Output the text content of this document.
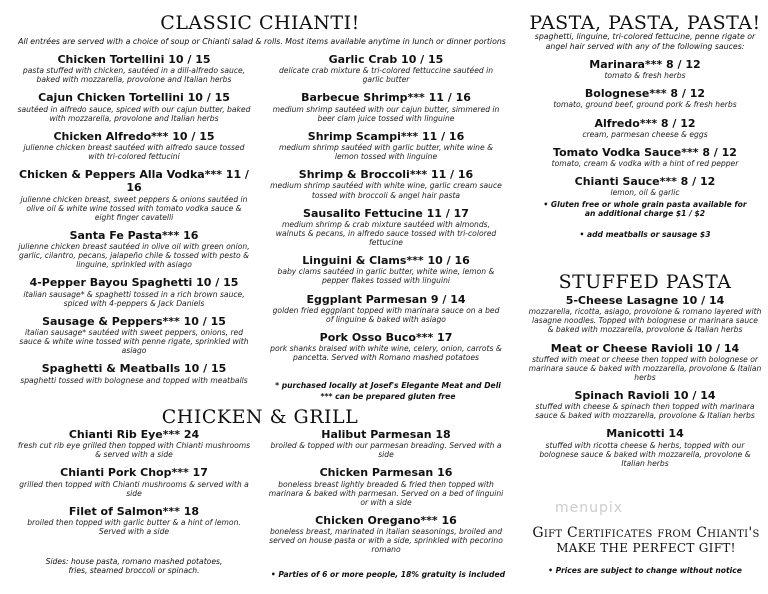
CLASSIC CHIANTI!
All entrées are served with a choice of soup or Chianti salad & rolls. Most items available anytime in lunch or dinner portions
Chicken Tortellini 10 / 15
pasta stuffed with chicken, sautéed in a dill-alfredo sauce, baked with mozzarella, provolone and Italian herbs
Cajun Chicken Tortellini 10 / 15
sautéed in alfredo sauce, spiced with our cajun butter, baked with mozzarella, provolone and Italian herbs
Chicken Alfredo*** 10 / 15
julienne chicken breast sautéed with alfredo sauce tossed with tri-colored fettucini
Chicken & Peppers Alla Vodka*** 11 / 16
julienne chicken breast, sweet peppers & onions sautéed in olive oil & white wine tossed with tomato vodka sauce & eight finger cavatelli
Santa Fe Pasta*** 16
julienne chicken breast sautéed in olive oil with green onion, garlic, cilantro, pecans, jalapeño chile & tossed with pesto & linguine, sprinkled with asiago
4-Pepper Bayou Spaghetti 10 / 15
italian sausage* & spaghetti tossed in a rich brown sauce, spiced with 4-peppers & Jack Daniels
Sausage & Peppers*** 10 / 15
italian sausage* sautéed with sweet peppers, onions, red sauce & white wine tossed with penne rigate, sprinkled with asiago
Spaghetti & Meatballs 10 / 15
spaghetti tossed with bolognese and topped with meatballs
Garlic Crab 10 / 15
delicate crab mixture & tri-colored fettuccine sautéed in garlic butter
Barbecue Shrimp*** 11 / 16
medium shrimp sautéed with our cajun butter, simmered in beer clam juice tossed with linguine
Shrimp Scampi*** 11 / 16
medium shrimp sautéed with garlic butter, white wine & lemon tossed with linguine
Shrimp & Broccoli*** 11 / 16
medium shrimp sautéed with white wine, garlic cream sauce tossed with broccoli & angel hair pasta
Sausalito Fettucine 11 / 17
medium shrimp & crab mixture sautéed with almonds, walnuts & pecans, in alfredo sauce tossed with tri-colored fettucine
Linguini & Clams*** 10 / 16
baby clams sautéed in garlic butter, white wine, lemon & pepper flakes tossed with linguini
Eggplant Parmesan 9 / 14
golden fried eggplant topped with marinara sauce on a bed of linguine & baked with asiago
Pork Osso Buco*** 17
pork shanks braised with white wine, celery, onion, carrots & pancetta. Served with Romano mashed potatoes
* purchased locally at Josef's Elegante Meat and Deli
*** can be prepared gluten free
CHICKEN & GRILL
Chianti Rib Eye*** 24
fresh cut rib eye grilled then topped with Chianti mushrooms & served with a side
Chianti Pork Chop*** 17
grilled then topped with Chianti mushrooms & served with a side
Filet of Salmon*** 18
broiled then topped with garlic butter & a hint of lemon. Served with a side
Sides: house pasta, romano mashed potatoes, fries, steamed broccoli or spinach.
Halibut Parmesan 18
broiled & topped with our parmesan breading. Served with a side
Chicken Parmesan 16
boneless breast lightly breaded & fried then topped with marinara & baked with parmesan. Served on a bed of linguini or with a side
Chicken Oregano*** 16
boneless breast, marinated in italian seasonings, broiled and served on house pasta or with a side, sprinkled with pecorino romano
• Parties of 6 or more people, 18% gratuity is included
PASTA, PASTA, PASTA!
spaghetti, linguine, tri-colored fettucine, penne rigate or angel hair served with any of the following sauces:
Marinara*** 8 / 12
tomato & fresh herbs
Bolognese*** 8 / 12
tomato, ground beef, ground pork & fresh herbs
Alfredo*** 8 / 12
cream, parmesan cheese & eggs
Tomato Vodka Sauce*** 8 / 12
tomato, cream & vodka with a hint of red pepper
Chianti Sauce*** 8 / 12
lemon, oil & garlic
• Gluten free or whole grain pasta available for an additional charge $1 / $2
• add meatballs or sausage $3
STUFFED PASTA
5-Cheese Lasagne 10 / 14
mozzarella, ricotta, asiago, provolone & romano layered with lasagne noodles. Topped with bolognese or marinara sauce & baked with mozzarella, provolone & Italian herbs
Meat or Cheese Ravioli 10 / 14
stuffed with meat or cheese then topped with bolognese or marinara sauce & baked with mozzarella, provolone & Italian herbs
Spinach Ravioli 10 / 14
stuffed with cheese & spinach then topped with marinara sauce & baked with mozzarella, provolone & Italian herbs
Manicotti 14
stuffed with ricotta cheese & herbs, topped with our bolognese sauce & baked with mozzarella, provolone & Italian herbs
menupix
Gift Certificates from Chianti's
MAKE THE PERFECT GIFT!
• Prices are subject to change without notice
